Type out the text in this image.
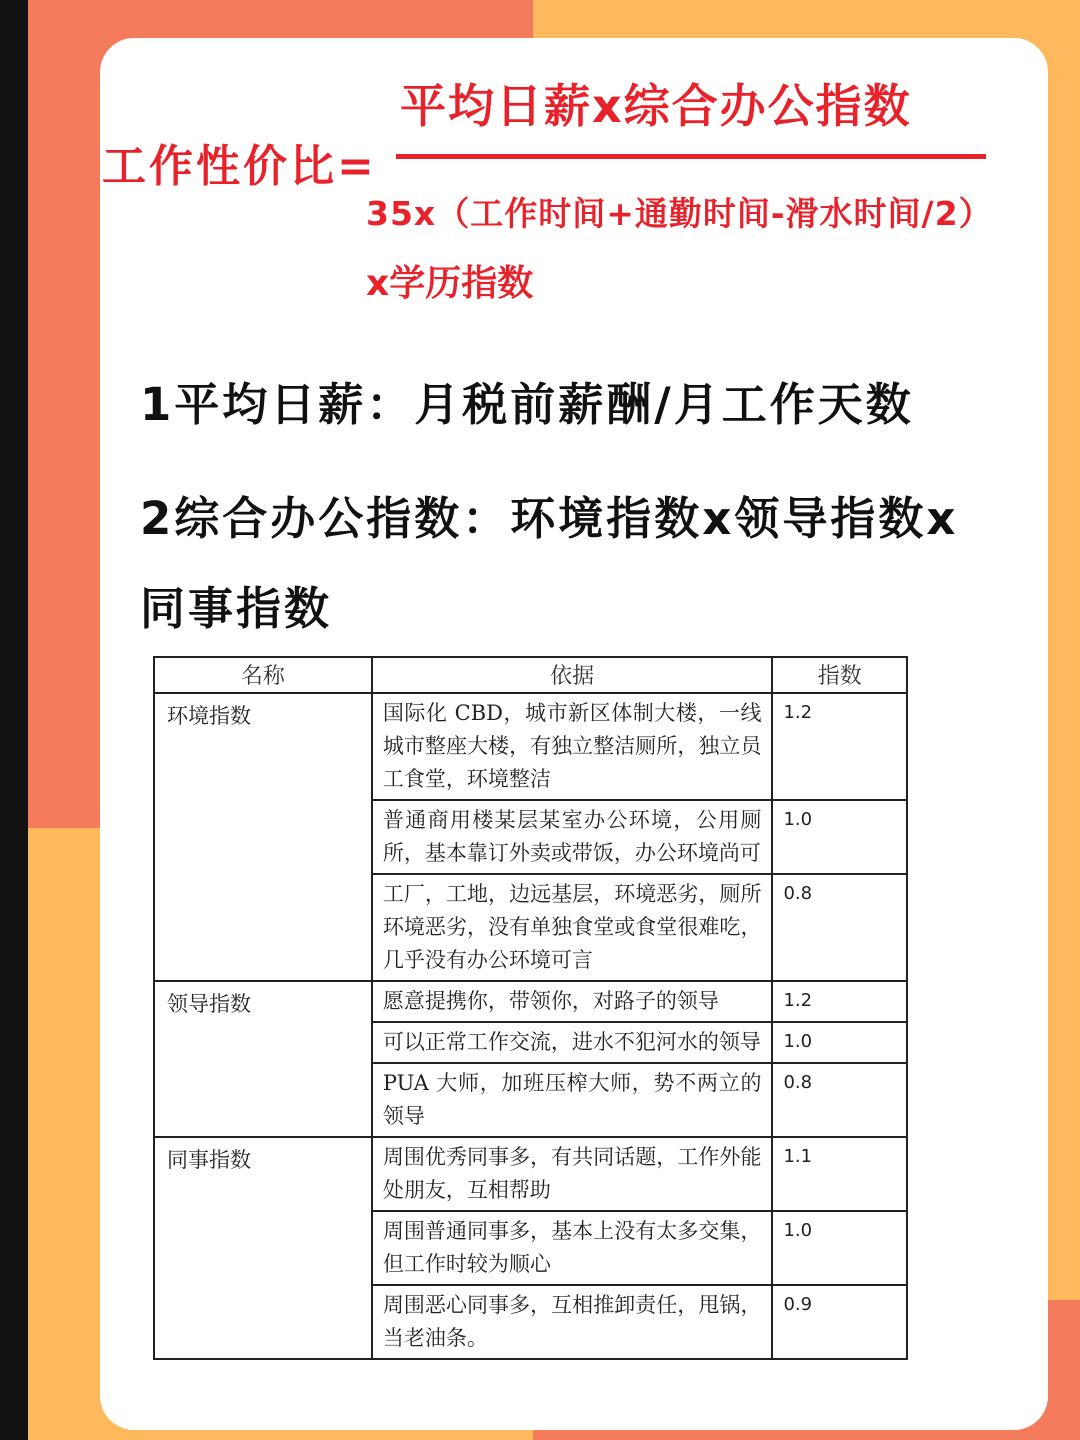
平均日薪x综合办公指数
工作性价比=
35x（工作时间+通勤时间-滑水时间/2）
x学历指数
1平均日薪：月税前薪酬/月工作天数
2综合办公指数：环境指数x领导指数x
同事指数
名称	依据	指数
环境指数	国际化 CBD，城市新区体制大楼，一线城市整座大楼，有独立整洁厕所，独立员工食堂，环境整洁	1.2
	普通商用楼某层某室办公环境，公用厕所，基本靠订外卖或带饭，办公环境尚可	1.0
	工厂，工地，边远基层，环境恶劣，厕所环境恶劣，没有单独食堂或食堂很难吃，几乎没有办公环境可言	0.8
领导指数	愿意提携你，带领你，对路子的领导	1.2
	可以正常工作交流，进水不犯河水的领导	1.0
	PUA 大师，加班压榨大师，势不两立的领导	0.8
同事指数	周围优秀同事多，有共同话题，工作外能处朋友，互相帮助	1.1
	周围普通同事多，基本上没有太多交集，但工作时较为顺心	1.0
	周围恶心同事多，互相推卸责任，甩锅，当老油条。	0.9
